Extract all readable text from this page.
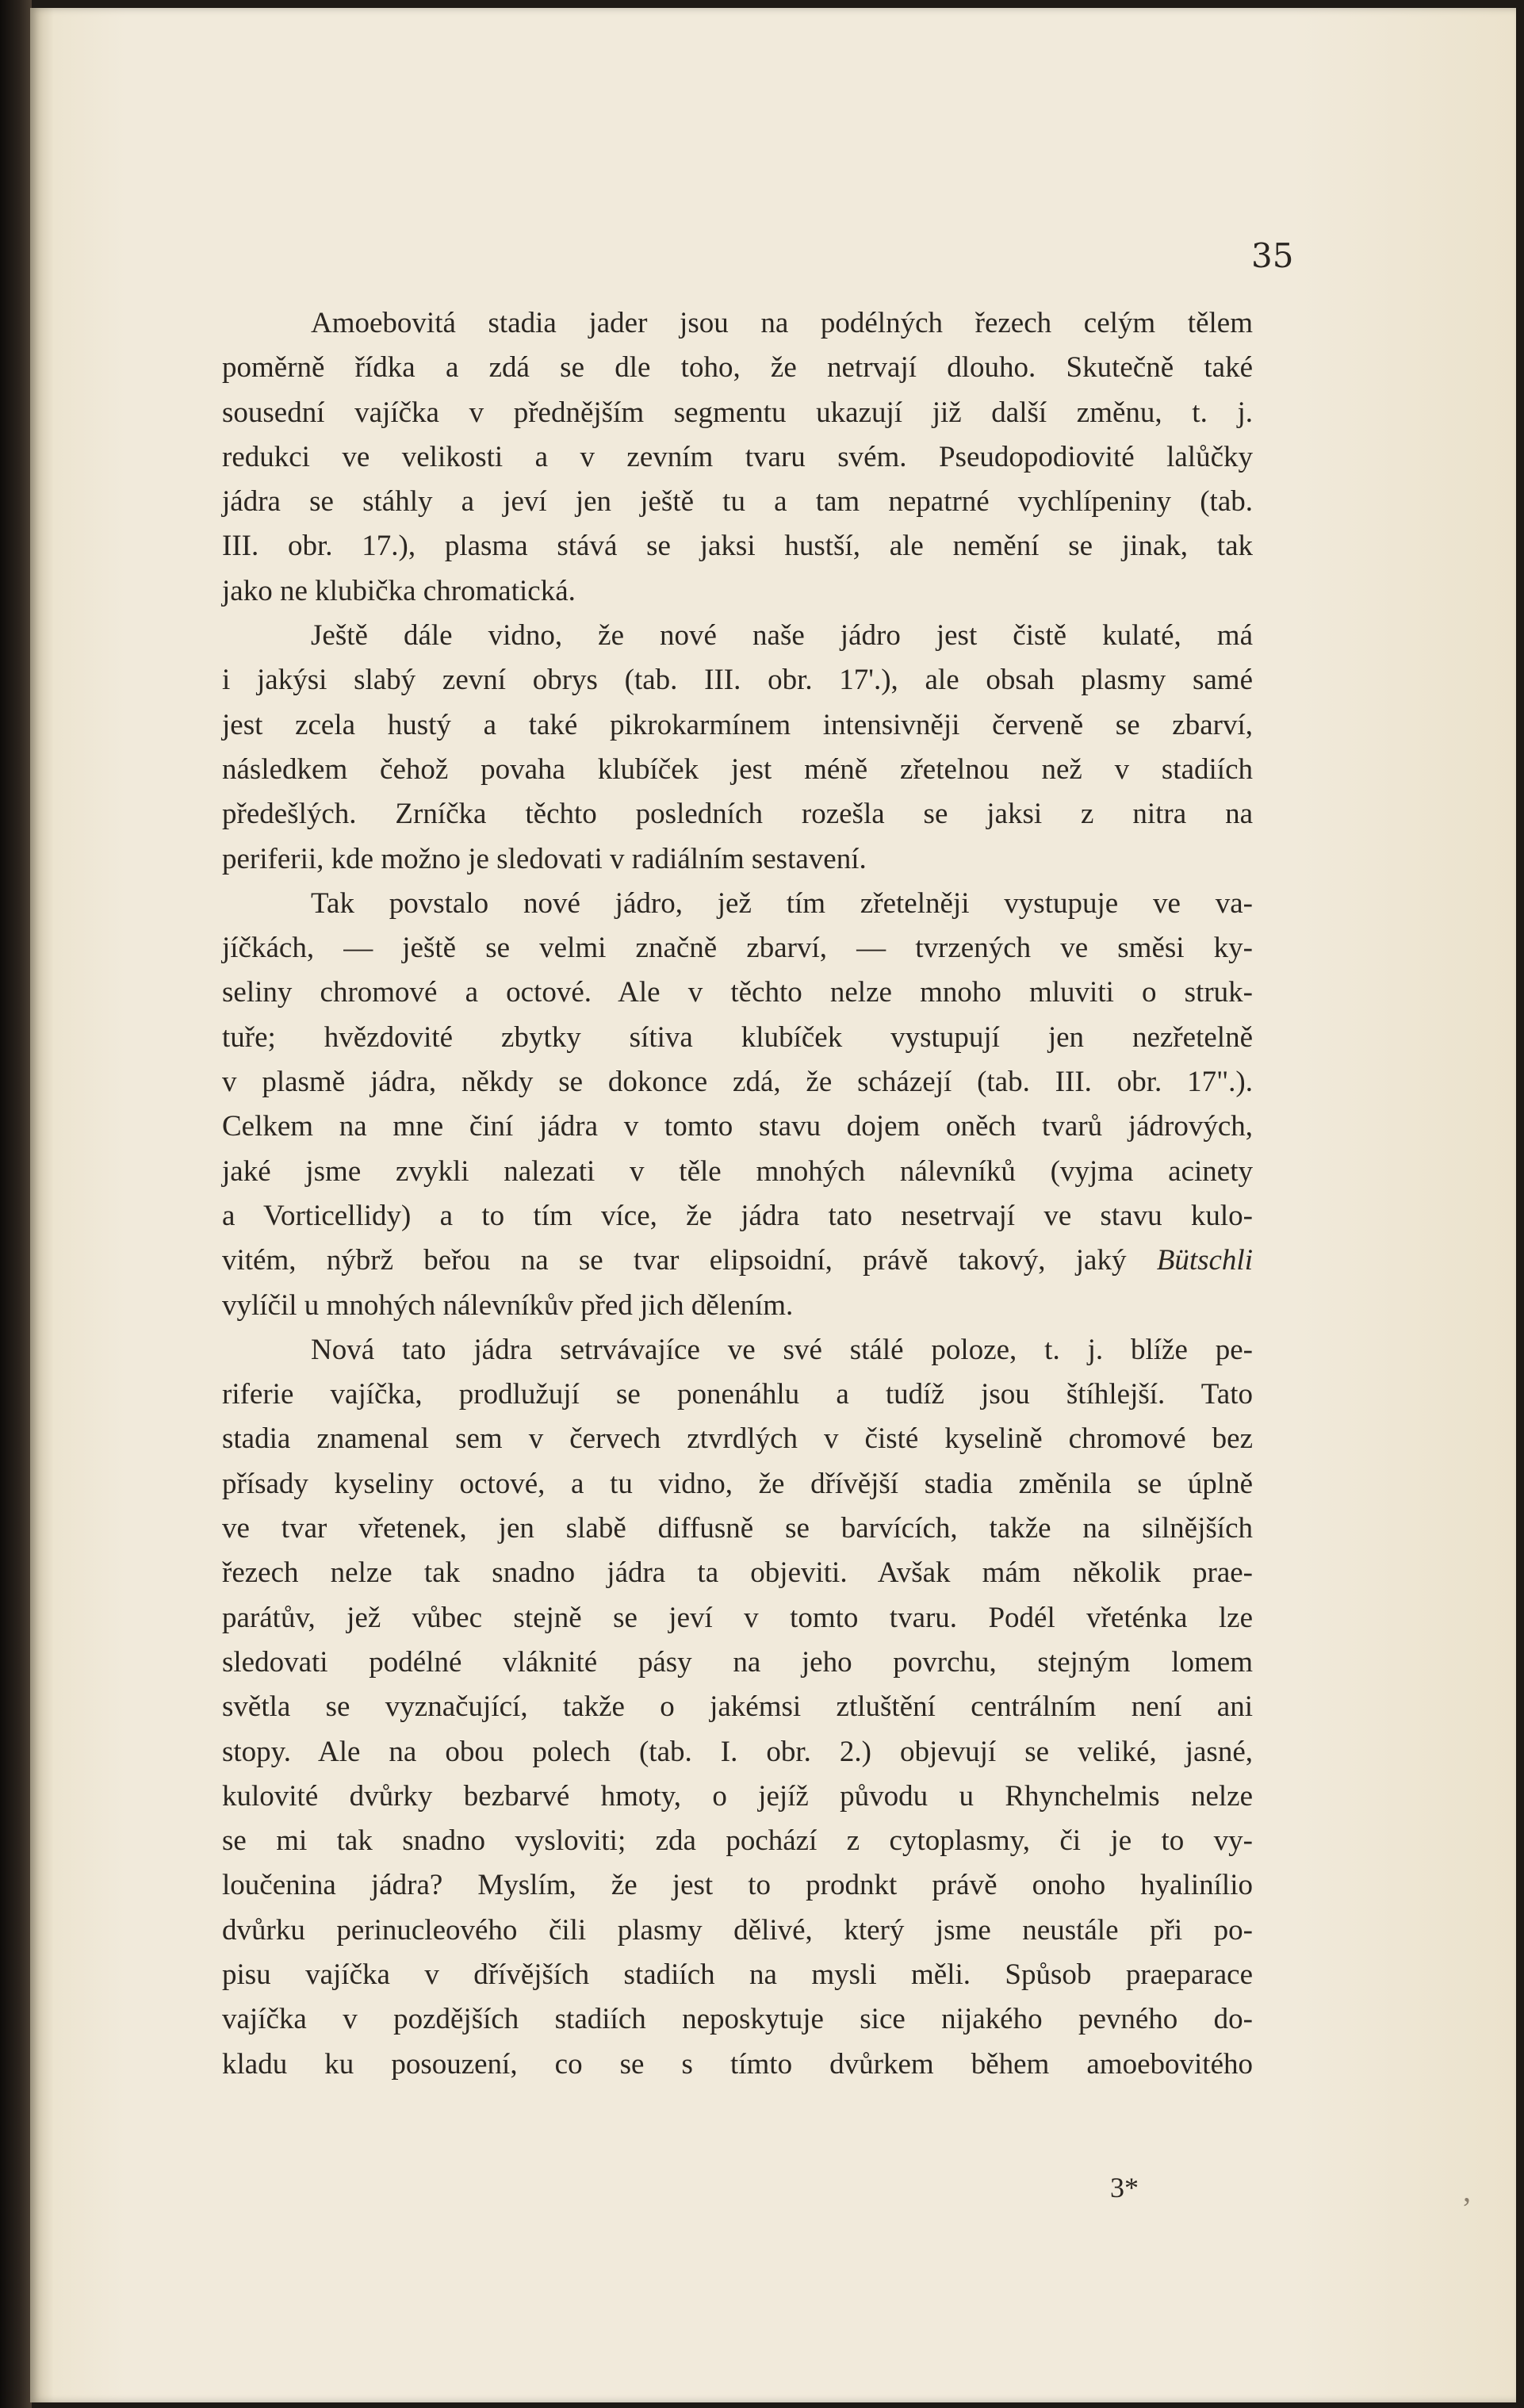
35

ʼ
Amoebovitá stadia jader jsou na podélných řezech celým tělem
poměrně řídka a zdá se dle toho, že netrvají dlouho. Skutečně také
sousední vajíčka v přednějším segmentu ukazují již další změnu, t. j.
redukci ve velikosti a v zevním tvaru svém. Pseudopodiovité lalůčky
jádra se stáhly a jeví jen ještě tu a tam nepatrné vychlípeniny (tab.
III. obr. 17.), plasma stává se jaksi hustší, ale nemění se jinak, tak
jako ne klubička chromatická.
Ještě dále vidno, že nové naše jádro jest čistě kulaté, má
i jakýsi slabý zevní obrys (tab. III. obr. 17'.), ale obsah plasmy samé
jest zcela hustý a také pikrokarmínem intensivněji červeně se zbarví,
následkem čehož povaha klubíček jest méně zřetelnou než v stadiích
předešlých. Zrníčka těchto posledních rozešla se jaksi z nitra na
periferii, kde možno je sledovati v radiálním sestavení.
Tak povstalo nové jádro, jež tím zřetelněji vystupuje ve va-
jíčkách, — ještě se velmi značně zbarví, — tvrzených ve směsi ky-
seliny chromové a octové. Ale v těchto nelze mnoho mluviti o struk-
tuře; hvězdovité zbytky sítiva klubíček vystupují jen nezřetelně
v plasmě jádra, někdy se dokonce zdá, že scházejí (tab. III. obr. 17".).
Celkem na mne činí jádra v tomto stavu dojem oněch tvarů jádrových,
jaké jsme zvykli nalezati v těle mnohých nálevníků (vyjma acinety
a Vorticellidy) a to tím více, že jádra tato nesetrvají ve stavu kulo-
vitém, nýbrž beřou na se tvar elipsoidní, právě takový, jaký Bütschli
vylíčil u mnohých nálevníkův před jich dělením.
Nová tato jádra setrvávajíce ve své stálé poloze, t. j. blíže pe-
riferie vajíčka, prodlužují se ponenáhlu a tudíž jsou štíhlejší. Tato
stadia znamenal sem v červech ztvrdlých v čisté kyselině chromové bez
přísady kyseliny octové, a tu vidno, že dřívější stadia změnila se úplně
ve tvar vřetenek, jen slabě diffusně se barvících, takže na silnějších
řezech nelze tak snadno jádra ta objeviti. Avšak mám několik prae-
parátův, jež vůbec stejně se jeví v tomto tvaru. Podél vřeténka lze
sledovati podélné vláknité pásy na jeho povrchu, stejným lomem
světla se vyznačující, takže o jakémsi ztluštění centrálním není ani
stopy. Ale na obou polech (tab. I. obr. 2.) objevují se veliké, jasné,
kulovité dvůrky bezbarvé hmoty, o jejíž původu u Rhynchelmis nelze
se mi tak snadno vysloviti; zda pochází z cytoplasmy, či je to vy-
loučenina jádra? Myslím, že jest to prodnkt právě onoho hyalinílio
dvůrku perinucleového čili plasmy dělivé, který jsme neustále při po-
pisu vajíčka v dřívějších stadiích na mysli měli. Spůsob praeparace
vajíčka v pozdějších stadiích neposkytuje sice nijakého pevného do-
kladu ku posouzení, co se s tímto dvůrkem během amoebovitého

3*
